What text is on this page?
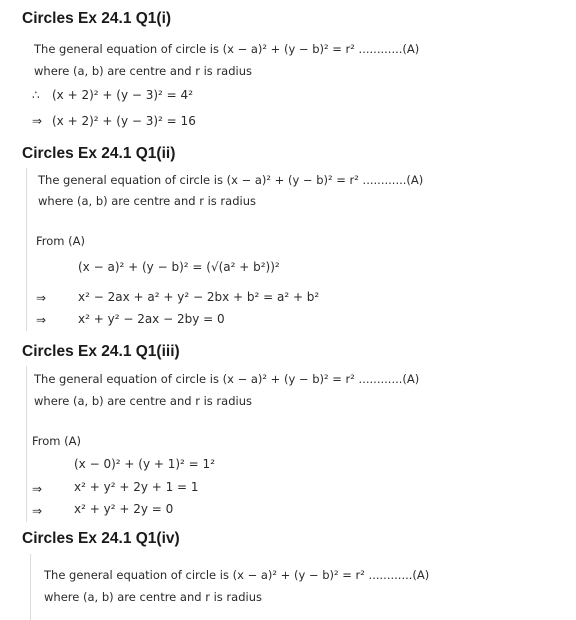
Circles Ex 24.1 Q1(i)
The general equation of circle is (x − a)² + (y − b)² = r² ............(A)
where (a, b) are centre and r is radius
∴ (x + 2)² + (y − 3)² = 4²
⇒ (x + 2)² + (y − 3)² = 16
Circles Ex 24.1 Q1(ii)
The general equation of circle is (x − a)² + (y − b)² = r² ............(A)
where (a, b) are centre and r is radius
From (A)
(x − a)² + (y − b)² = (√(a² + b²))²
⇒	x² − 2ax + a² + y² − 2bx + b² = a² + b²
⇒	x² + y² − 2ax − 2by = 0
Circles Ex 24.1 Q1(iii)
The general equation of circle is (x − a)² + (y − b)² = r² ............(A)
where (a, b) are centre and r is radius
From (A)
(x − 0)² + (y + 1)² = 1²
⇒	x² + y² + 2y + 1 = 1
⇒	x² + y² + 2y = 0
Circles Ex 24.1 Q1(iv)
The general equation of circle is (x − a)² + (y − b)² = r² ............(A)
where (a, b) are centre and r is radius
